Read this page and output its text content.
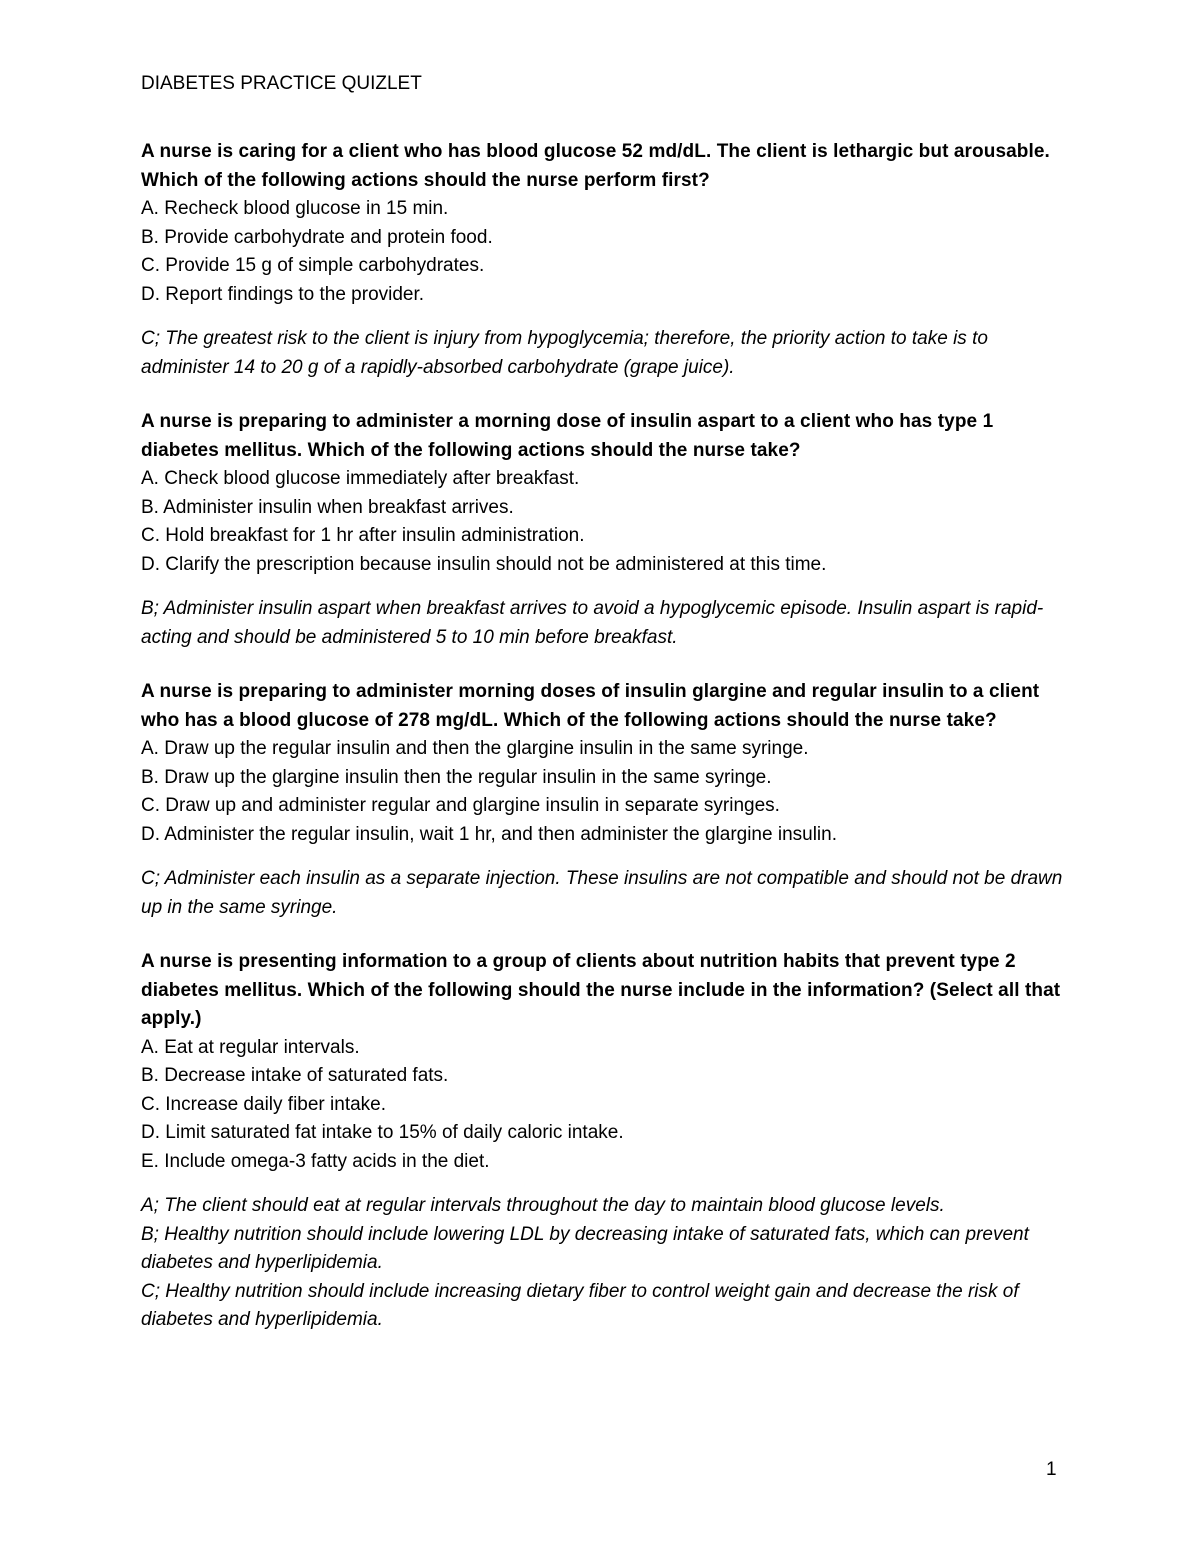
DIABETES PRACTICE QUIZLET

A nurse is caring for a client who has blood glucose 52 md/dL. The client is lethargic but arousable. Which of the following actions should the nurse perform first?

A. Recheck blood glucose in 15 min.
B. Provide carbohydrate and protein food.
C. Provide 15 g of simple carbohydrates.
D. Report findings to the provider.

C; The greatest risk to the client is injury from hypoglycemia; therefore, the priority action to take is to administer 14 to 20 g of a rapidly-absorbed carbohydrate (grape juice).

A nurse is preparing to administer a morning dose of insulin aspart to a client who has type 1 diabetes mellitus. Which of the following actions should the nurse take?

A. Check blood glucose immediately after breakfast.
B. Administer insulin when breakfast arrives.
C. Hold breakfast for 1 hr after insulin administration.
D. Clarify the prescription because insulin should not be administered at this time.

B; Administer insulin aspart when breakfast arrives to avoid a hypoglycemic episode. Insulin aspart is rapid-acting and should be administered 5 to 10 min before breakfast.

A nurse is preparing to administer morning doses of insulin glargine and regular insulin to a client who has a blood glucose of 278 mg/dL. Which of the following actions should the nurse take?

A. Draw up the regular insulin and then the glargine insulin in the same syringe.
B. Draw up the glargine insulin then the regular insulin in the same syringe.
C. Draw up and administer regular and glargine insulin in separate syringes.
D. Administer the regular insulin, wait 1 hr, and then administer the glargine insulin.

C; Administer each insulin as a separate injection. These insulins are not compatible and should not be drawn up in the same syringe.

A nurse is presenting information to a group of clients about nutrition habits that prevent type 2 diabetes mellitus. Which of the following should the nurse include in the information? (Select all that apply.)

A. Eat at regular intervals.
B. Decrease intake of saturated fats.
C. Increase daily fiber intake.
D. Limit saturated fat intake to 15% of daily caloric intake.
E. Include omega-3 fatty acids in the diet.

A; The client should eat at regular intervals throughout the day to maintain blood glucose levels.

B; Healthy nutrition should include lowering LDL by decreasing intake of saturated fats, which can prevent diabetes and hyperlipidemia.

C; Healthy nutrition should include increasing dietary fiber to control weight gain and decrease the risk of diabetes and hyperlipidemia.

1
